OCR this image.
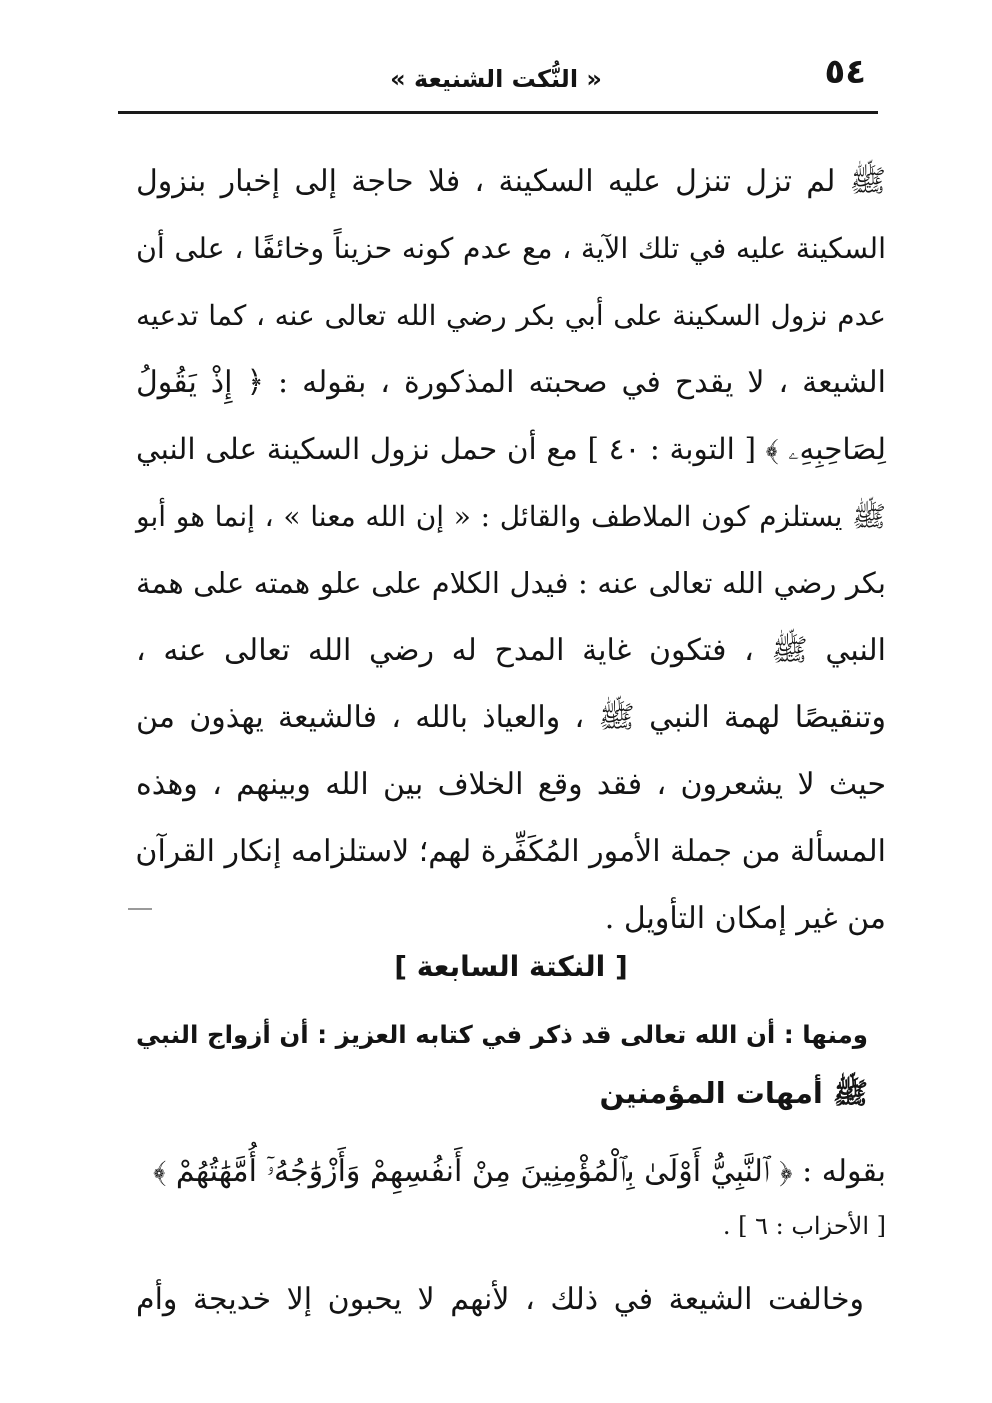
٥٤
« النُّكت الشنيعة »
ﷺ لم تزل تنزل عليه السكينة ، فلا حاجة إلى إخبار بنزول
السكينة عليه في تلك الآية ، مع عدم كونه حزيناً وخائفًا ، على أن
عدم نزول السكينة على أبي بكر رضي الله تعالى عنه ، كما تدعيه
الشيعة ، لا يقدح في صحبته المذكورة ، بقوله : ﴿ إِذْ يَقُولُ
لِصَاحِبِهِۦ ﴾ [ التوبة : ٤٠ ] مع أن حمل نزول السكينة على النبي
ﷺ يستلزم كون الملاطف والقائل : « إن الله معنا » ، إنما هو أبو
بكر رضي الله تعالى عنه : فيدل الكلام على علو همته على همة
النبي ﷺ ، فتكون غاية المدح له رضي الله تعالى عنه ،
وتنقيصًا لهمة النبي ﷺ ، والعياذ بالله ، فالشيعة يهذون من
حيث لا يشعرون ، فقد وقع الخلاف بين الله وبينهم ، وهذه
المسألة من جملة الأمور المُكَفِّرة لهم؛ لاستلزامه إنكار القرآن
من غير إمكان التأويل .
[ النكتة السابعة ]
ومنها : أن الله تعالى قد ذكر في كتابه العزيز : أن أزواج النبي
ﷺ أمهات المؤمنين
بقوله : ﴿ ٱلنَّبِيُّ أَوْلَىٰ بِٱلْمُؤْمِنِينَ مِنْ أَنفُسِهِمْ وَأَزْوَٰجُهُۥٓ أُمَّهَٰتُهُمْ ﴾
[ الأحزاب : ٦ ] .
وخالفت الشيعة في ذلك ، لأنهم لا يحبون إلا خديجة وأم
